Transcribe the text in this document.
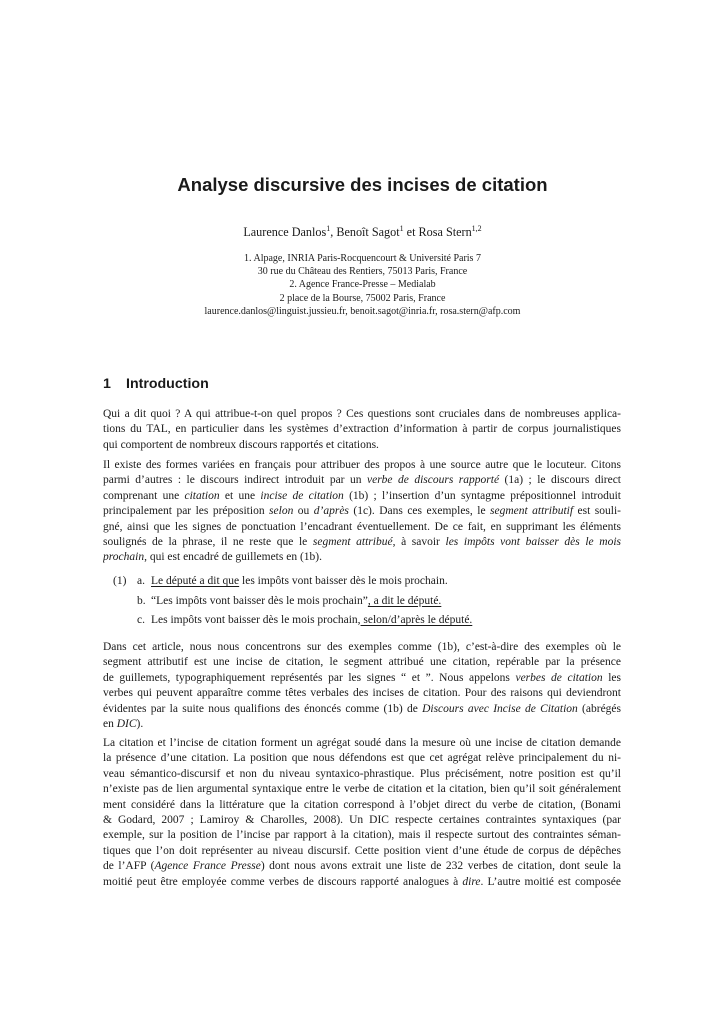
Analyse discursive des incises de citation

Laurence Danlos$^1$, Benoît Sagot$^1$ et Rosa Stern$^{1,2}$

1. Alpage, INRIA Paris-Rocquencourt & Université Paris 7
30 rue du Château des Rentiers, 75013 Paris, France
2. Agence France-Presse – Medialab
2 place de la Bourse, 75002 Paris, France
laurence.danlos@linguist.jussieu.fr, benoit.sagot@inria.fr, rosa.stern@afp.com
1 Introduction
Qui a dit quoi ? A qui attribue-t-on quel propos ? Ces questions sont cruciales dans de nombreuses applica-
tions du TAL, en particulier dans les systèmes d’extraction d’information à partir de corpus journalistiques
qui comportent de nombreux discours rapportés et citations.
Il existe des formes variées en français pour attribuer des propos à une source autre que le locuteur. Citons
parmi d’autres : le discours indirect introduit par un verbe de discours rapporté (1a) ; le discours direct
comprenant une citation et une incise de citation (1b) ; l’insertion d’un syntagme prépositionnel introduit
principalement par les préposition selon ou d’après (1c). Dans ces exemples, le segment attributif est souli-
gné, ainsi que les signes de ponctuation l’encadrant éventuellement. De ce fait, en supprimant les éléments
soulignés de la phrase, il ne reste que le segment attribué, à savoir les impôts vont baisser dès le mois
prochain, qui est encadré de guillemets en (1b).
(1) a. Le député a dit que les impôts vont baisser dès le mois prochain.
b. “Les impôts vont baisser dès le mois prochain”, a dit le député.
c. Les impôts vont baisser dès le mois prochain, selon/d’après le député.
Dans cet article, nous nous concentrons sur des exemples comme (1b), c’est-à-dire des exemples où le
segment attributif est une incise de citation, le segment attribué une citation, repérable par la présence
de guillemets, typographiquement représentés par les signes “ et ”. Nous appelons verbes de citation les
verbes qui peuvent apparaître comme têtes verbales des incises de citation. Pour des raisons qui deviendront
évidentes par la suite nous qualifions des énoncés comme (1b) de Discours avec Incise de Citation (abrégés
en DIC).
La citation et l’incise de citation forment un agrégat soudé dans la mesure où une incise de citation demande
la présence d’une citation. La position que nous défendons est que cet agrégat relève principalement du ni-
veau sémantico-discursif et non du niveau syntaxico-phrastique. Plus précisément, notre position est qu’il
n’existe pas de lien argumental syntaxique entre le verbe de citation et la citation, bien qu’il soit généralement
ment considéré dans la littérature que la citation correspond à l’objet direct du verbe de citation, (Bonami
& Godard, 2007 ; Lamiroy & Charolles, 2008). Un DIC respecte certaines contraintes syntaxiques (par
exemple, sur la position de l’incise par rapport à la citation), mais il respecte surtout des contraintes séman-
tiques que l’on doit représenter au niveau discursif. Cette position vient d’une étude de corpus de dépêches
de l’AFP (Agence France Presse) dont nous avons extrait une liste de 232 verbes de citation, dont seule la
moitié peut être employée comme verbes de discours rapporté analogues à dire. L’autre moitié est composée
